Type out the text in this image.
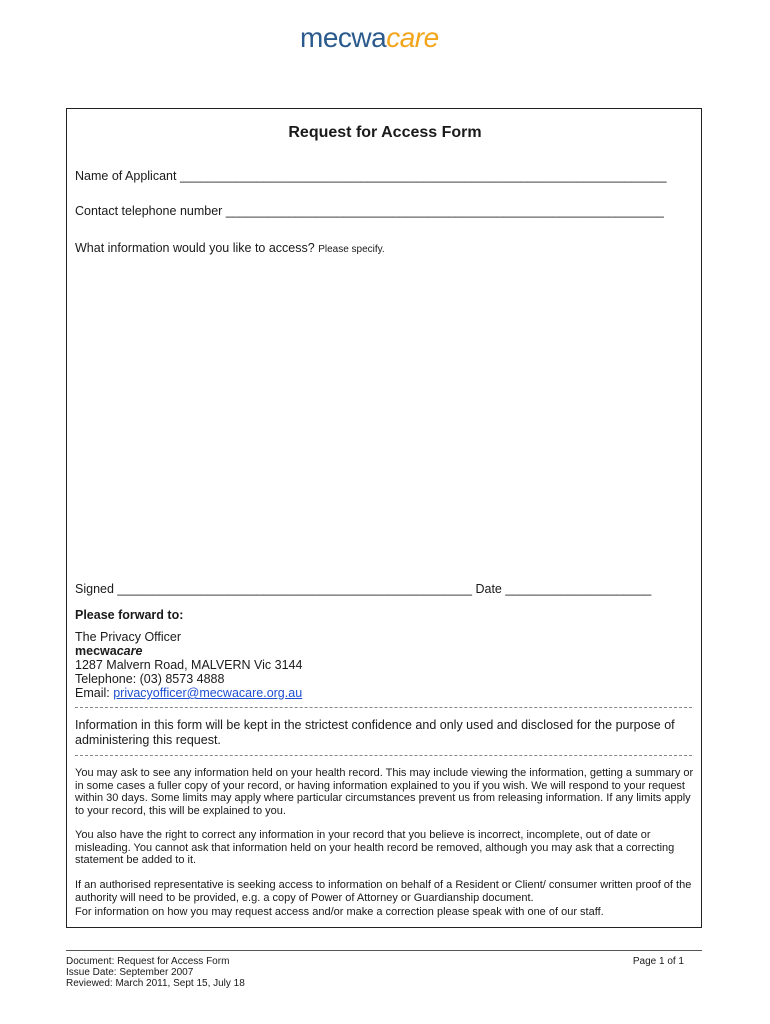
mecwacare
Request for Access Form
Name of Applicant ______________________________________________________________________
Contact telephone number _______________________________________________________________
What information would you like to access? Please specify.
Signed ___________________________________________________ Date _____________________
Please forward to:
The Privacy Officer
mecwacare
1287 Malvern Road, MALVERN Vic 3144
Telephone: (03) 8573 4888
Email: privacyofficer@mecwacare.org.au
Information in this form will be kept in the strictest confidence and only used and disclosed for the purpose of administering this request.
You may ask to see any information held on your health record. This may include viewing the information, getting a summary or in some cases a fuller copy of your record, or having information explained to you if you wish. We will respond to your request within 30 days. Some limits may apply where particular circumstances prevent us from releasing information. If any limits apply to your record, this will be explained to you.
You also have the right to correct any information in your record that you believe is incorrect, incomplete, out of date or misleading. You cannot ask that information held on your health record be removed, although you may ask that a correcting statement be added to it.
If an authorised representative is seeking access to information on behalf of a Resident or Client/ consumer written proof of the authority will need to be provided, e.g. a copy of Power of Attorney or Guardianship document.
For information on how you may request access and/or make a correction please speak with one of our staff.
Document: Request for Access Form
Issue Date: September 2007
Reviewed: March 2011, Sept 15, July 18
Page 1 of 1
